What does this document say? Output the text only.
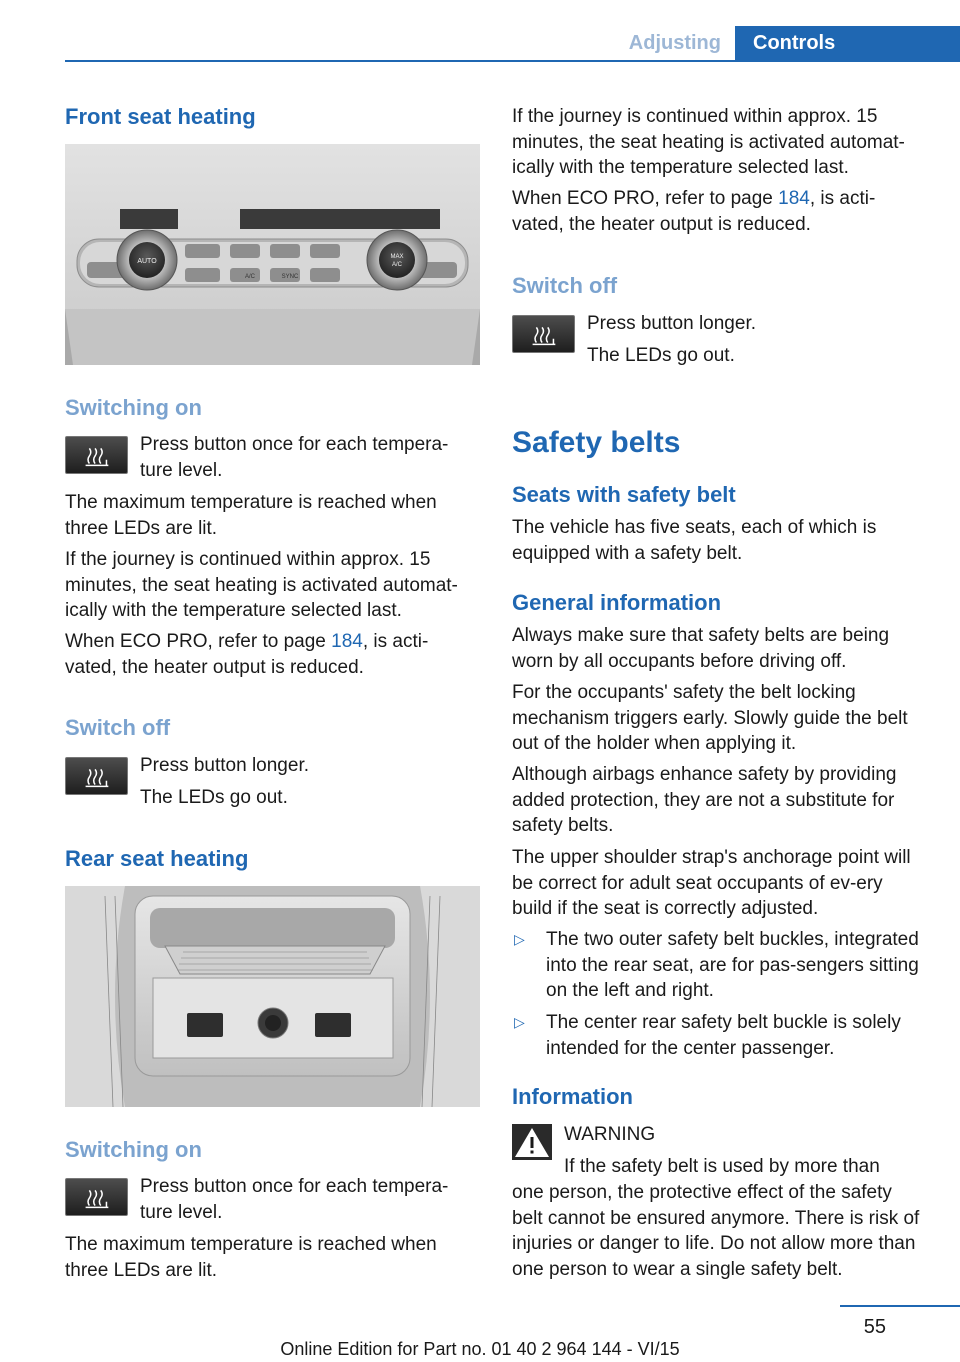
Adjusting	Controls
Front seat heating
AUTO
MAX
A/C
A/C	SYNC
Switching on
Press button once for each tempera‐
ture level.
The maximum temperature is reached when three LEDs are lit.
If the journey is continued within approx. 15 minutes, the seat heating is activated automat‐ically with the temperature selected last.
When ECO PRO, refer to page 184, is acti‐vated, the heater output is reduced.
Switch off
Press button longer.
The LEDs go out.
Rear seat heating
Switching on
Press button once for each tempera‐
ture level.
The maximum temperature is reached when three LEDs are lit.
If the journey is continued within approx. 15 minutes, the seat heating is activated automat‐ically with the temperature selected last.
When ECO PRO, refer to page 184, is acti‐vated, the heater output is reduced.
Switch off
Press button longer.
The LEDs go out.
Safety belts
Seats with safety belt
The vehicle has five seats, each of which is equipped with a safety belt.
General information
Always make sure that safety belts are being worn by all occupants before driving off.
For the occupants' safety the belt locking mechanism triggers early. Slowly guide the belt out of the holder when applying it.
Although airbags enhance safety by providing added protection, they are not a substitute for safety belts.
The upper shoulder strap's anchorage point will be correct for adult seat occupants of ev‐ery build if the seat is correctly adjusted.
▷	The two outer safety belt buckles, integrated into the rear seat, are for pas‐sengers sitting on the left and right.
▷	The center rear safety belt buckle is solely intended for the center passenger.
Information
WARNING
If the safety belt is used by more than
one person, the protective effect of the safety belt cannot be ensured anymore. There is risk of injuries or danger to life. Do not allow more than one person to wear a single safety belt.
55
Online Edition for Part no. 01 40 2 964 144 - VI/15
